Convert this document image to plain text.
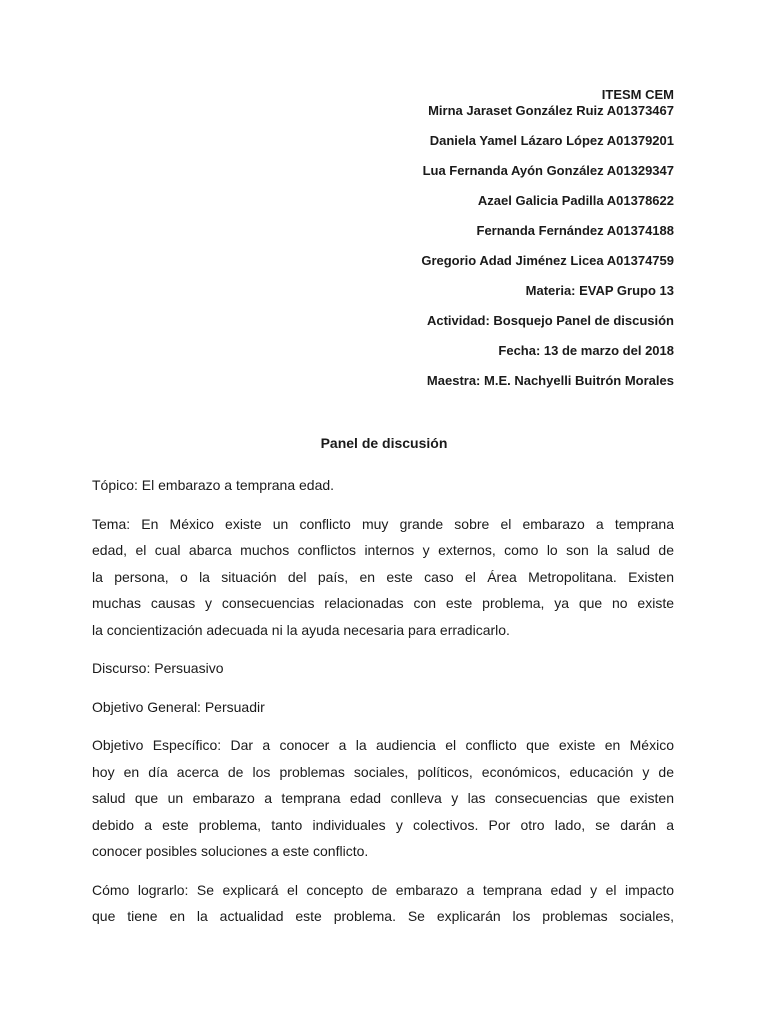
ITESM CEM
Mirna Jaraset González Ruiz A01373467
Daniela Yamel Lázaro López A01379201
Lua Fernanda Ayón González A01329347
Azael Galicia Padilla A01378622
Fernanda Fernández A01374188
Gregorio Adad Jiménez Licea A01374759
Materia: EVAP Grupo 13
Actividad: Bosquejo Panel de discusión
Fecha: 13 de marzo del 2018
Maestra: M.E. Nachyelli Buitrón Morales
Panel de discusión

Tópico: El embarazo a temprana edad.

Tema: En México existe un conflicto muy grande sobre el embarazo a temprana
edad, el cual abarca muchos conflictos internos y externos, como lo son la salud de
la persona, o la situación del país, en este caso el Área Metropolitana. Existen
muchas causas y consecuencias relacionadas con este problema, ya que no existe
la concientización adecuada ni la ayuda necesaria para erradicarlo.

Discurso: Persuasivo

Objetivo General: Persuadir

Objetivo Específico: Dar a conocer a la audiencia el conflicto que existe en México
hoy en día acerca de los problemas sociales, políticos, económicos, educación y de
salud que un embarazo a temprana edad conlleva y las consecuencias que existen
debido a este problema, tanto individuales y colectivos. Por otro lado, se darán a
conocer posibles soluciones a este conflicto.

Cómo lograrlo: Se explicará el concepto de embarazo a temprana edad y el impacto
que tiene en la actualidad este problema. Se explicarán los problemas sociales,
